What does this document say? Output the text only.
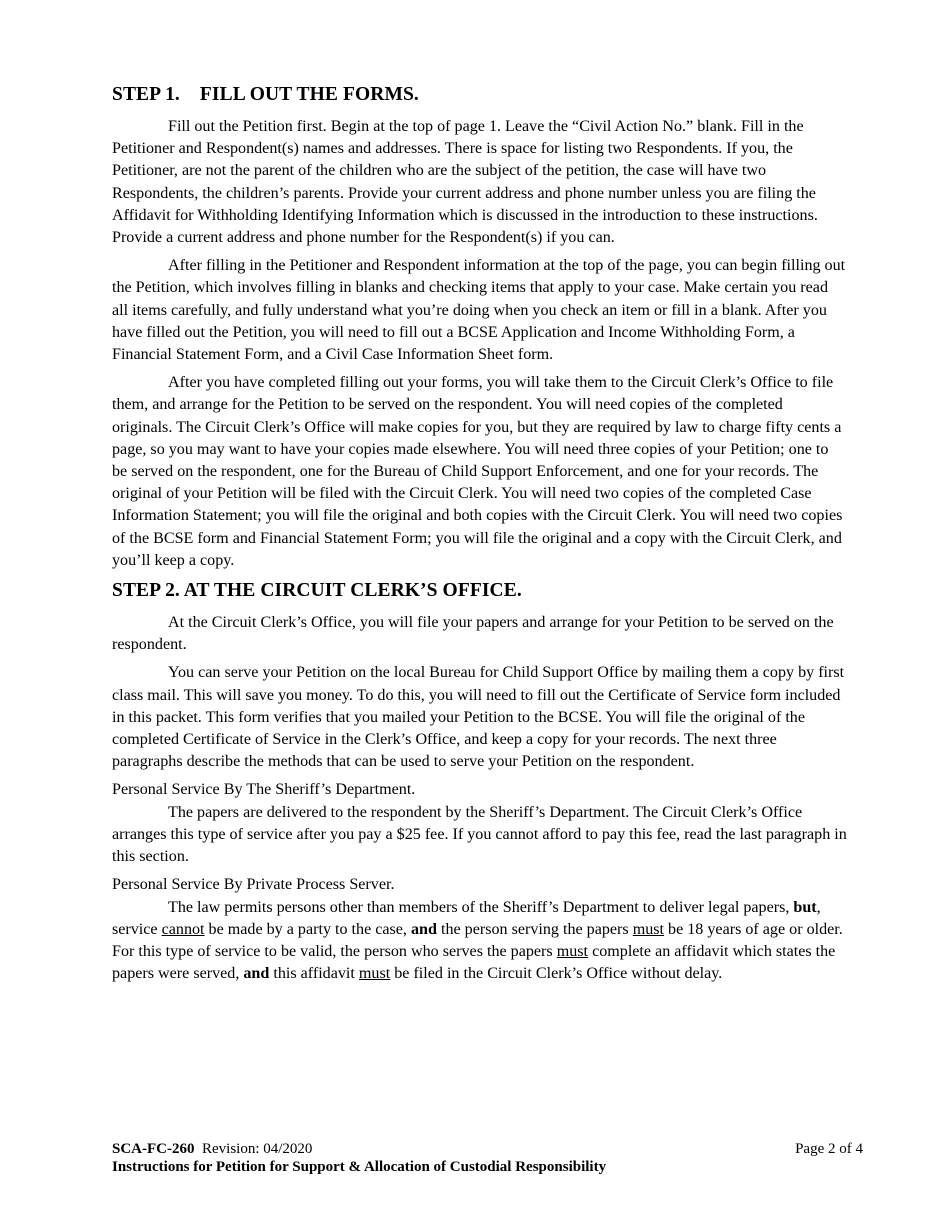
STEP 1. FILL OUT THE FORMS.

Fill out the Petition first. Begin at the top of page 1. Leave the “Civil Action No.” blank. Fill in the Petitioner and Respondent(s) names and addresses. There is space for listing two Respondents. If you, the Petitioner, are not the parent of the children who are the subject of the petition, the case will have two Respondents, the children’s parents. Provide your current address and phone number unless you are filing the Affidavit for Withholding Identifying Information which is discussed in the introduction to these instructions. Provide a current address and phone number for the Respondent(s) if you can.

After filling in the Petitioner and Respondent information at the top of the page, you can begin filling out the Petition, which involves filling in blanks and checking items that apply to your case. Make certain you read all items carefully, and fully understand what you’re doing when you check an item or fill in a blank. After you have filled out the Petition, you will need to fill out a BCSE Application and Income Withholding Form, a Financial Statement Form, and a Civil Case Information Sheet form.

After you have completed filling out your forms, you will take them to the Circuit Clerk’s Office to file them, and arrange for the Petition to be served on the respondent. You will need copies of the completed originals. The Circuit Clerk’s Office will make copies for you, but they are required by law to charge fifty cents a page, so you may want to have your copies made elsewhere. You will need three copies of your Petition; one to be served on the respondent, one for the Bureau of Child Support Enforcement, and one for your records. The original of your Petition will be filed with the Circuit Clerk. You will need two copies of the completed Case Information Statement; you will file the original and both copies with the Circuit Clerk. You will need two copies of the BCSE form and Financial Statement Form; you will file the original and a copy with the Circuit Clerk, and you’ll keep a copy.

STEP 2. AT THE CIRCUIT CLERK’S OFFICE.

At the Circuit Clerk’s Office, you will file your papers and arrange for your Petition to be served on the respondent.

You can serve your Petition on the local Bureau for Child Support Office by mailing them a copy by first class mail. This will save you money. To do this, you will need to fill out the Certificate of Service form included in this packet. This form verifies that you mailed your Petition to the BCSE. You will file the original of the completed Certificate of Service in the Clerk’s Office, and keep a copy for your records. The next three paragraphs describe the methods that can be used to serve your Petition on the respondent.

Personal Service By The Sheriff’s Department.

The papers are delivered to the respondent by the Sheriff’s Department. The Circuit Clerk’s Office arranges this type of service after you pay a $25 fee. If you cannot afford to pay this fee, read the last paragraph in this section.

Personal Service By Private Process Server.

The law permits persons other than members of the Sheriff’s Department to deliver legal papers, but, service cannot be made by a party to the case, and the person serving the papers must be 18 years of age or older. For this type of service to be valid, the person who serves the papers must complete an affidavit which states the papers were served, and this affidavit must be filed in the Circuit Clerk’s Office without delay.

SCA-FC-260 Revision: 04/2020	Page 2 of 4
Instructions for Petition for Support & Allocation of Custodial Responsibility
